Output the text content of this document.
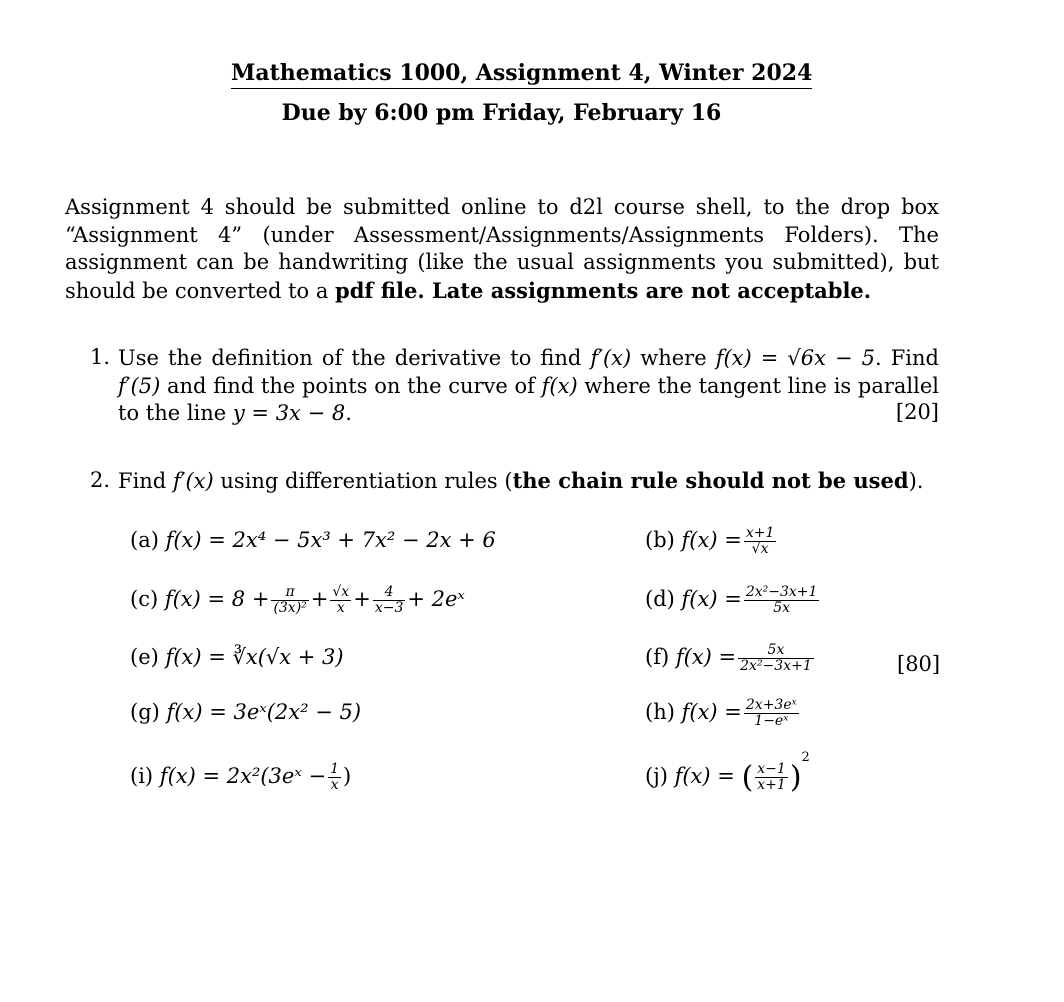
Mathematics 1000, Assignment 4, Winter 2024
Due by 6:00 pm Friday, February 16
Assignment 4 should be submitted online to d2l course shell, to the drop box “Assignment 4” (under Assessment/Assignments/Assignments Folders). The assignment can be handwriting (like the usual assignments you submitted), but should be converted to a pdf file. Late assignments are not acceptable.
1. Use the definition of the derivative to find f′(x) where f(x) = √6x − 5. Find f′(5) and find the points on the curve of f(x) where the tangent line is parallel to the line y = 3x − 8.	[20]
2. Find f′(x) using differentiation rules (the chain rule should not be used).
(a) f(x) = 2x⁴ − 5x³ + 7x² − 2x + 6	(b) $f(x) = \frac{x+1}{√x}$
(c) $f(x) = 8 + \frac{\pi}{\text{(3x)²}} + \frac{√x}{x} + \frac{4}{x-3}$ + 2eˣ	(d) $f(x) = \frac{\text{2x²−3x+1}}{5x}$
(e) f(x) = ∛x(√x + 3)	(f) $f(x) = \frac{5x}{\text{2x²−3x+1}}$	[80]
(g) f(x) = 3eˣ(2x² − 5)	(h) $f(x) = \frac{\text{2x+3eˣ}}{\text{1−eˣ}}$
(i) f(x) = 2x²(3eˣ − $\frac{1}{x}$ )	(j) f(x) = ( $\frac{x-1}{x+1} )^2$
